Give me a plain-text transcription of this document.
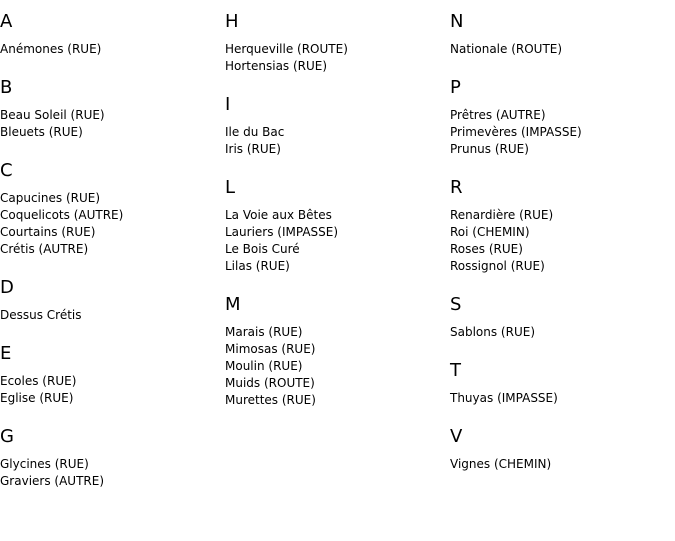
A
Anémones (RUE)
B
Beau Soleil (RUE)
Bleuets (RUE)
C
Capucines (RUE)
Coquelicots (AUTRE)
Courtains (RUE)
Crétis (AUTRE)
D
Dessus Crétis
E
Ecoles (RUE)
Eglise (RUE)
G
Glycines (RUE)
Graviers (AUTRE)
H
Herqueville (ROUTE)
Hortensias (RUE)
I
Ile du Bac
Iris (RUE)
L
La Voie aux Bêtes
Lauriers (IMPASSE)
Le Bois Curé
Lilas (RUE)
M
Marais (RUE)
Mimosas (RUE)
Moulin (RUE)
Muids (ROUTE)
Murettes (RUE)
N
Nationale (ROUTE)
P
Prêtres (AUTRE)
Primevères (IMPASSE)
Prunus (RUE)
R
Renardière (RUE)
Roi (CHEMIN)
Roses (RUE)
Rossignol (RUE)
S
Sablons (RUE)
T
Thuyas (IMPASSE)
V
Vignes (CHEMIN)
